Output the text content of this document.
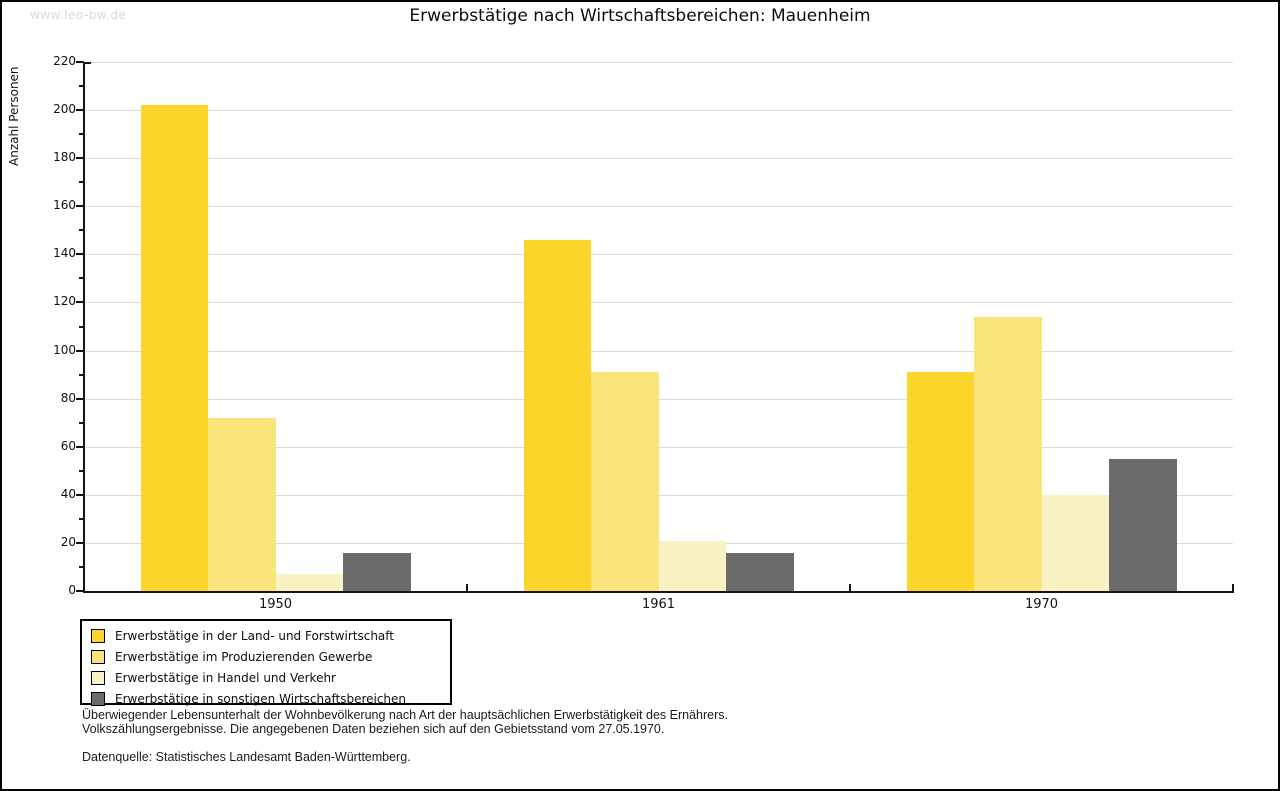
www.leo-bw.de	Erwerbstätige nach Wirtschaftsbereichen: Mauenheim
Anzahl Personen
1950	1961	1970
0
20
40
60
80
100
120
140
160
180
200
220
Erwerbstätige in der Land- und Forstwirtschaft
Erwerbstätige im Produzierenden Gewerbe
Erwerbstätige in Handel und Verkehr
Erwerbstätige in sonstigen Wirtschaftsbereichen
Überwiegender Lebensunterhalt der Wohnbevölkerung nach Art der hauptsächlichen Erwerbstätigkeit des Ernährers.
Volkszählungsergebnisse. Die angegebenen Daten beziehen sich auf den Gebietsstand vom 27.05.1970.
Datenquelle: Statistisches Landesamt Baden-Württemberg.
